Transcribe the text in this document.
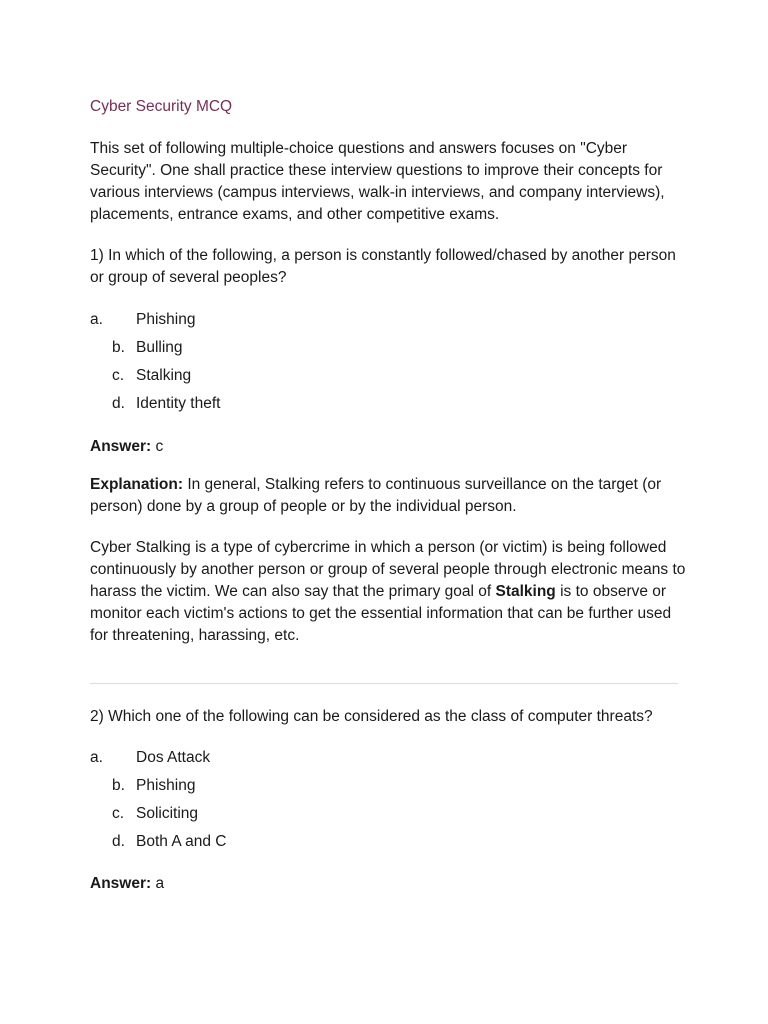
Cyber Security MCQ

This set of following multiple-choice questions and answers focuses on "Cyber Security". One shall practice these interview questions to improve their concepts for various interviews (campus interviews, walk-in interviews, and company interviews), placements, entrance exams, and other competitive exams.

1) In which of the following, a person is constantly followed/chased by another person or group of several peoples?

a. Phishing
b. Bulling
c. Stalking
d. Identity theft
Answer: c

Explanation: In general, Stalking refers to continuous surveillance on the target (or person) done by a group of people or by the individual person.

Cyber Stalking is a type of cybercrime in which a person (or victim) is being followed continuously by another person or group of several people through electronic means to harass the victim. We can also say that the primary goal of Stalking is to observe or monitor each victim's actions to get the essential information that can be further used for threatening, harassing, etc.

2) Which one of the following can be considered as the class of computer threats?

a. Dos Attack
b. Phishing
c. Soliciting
d. Both A and C
Answer: a
